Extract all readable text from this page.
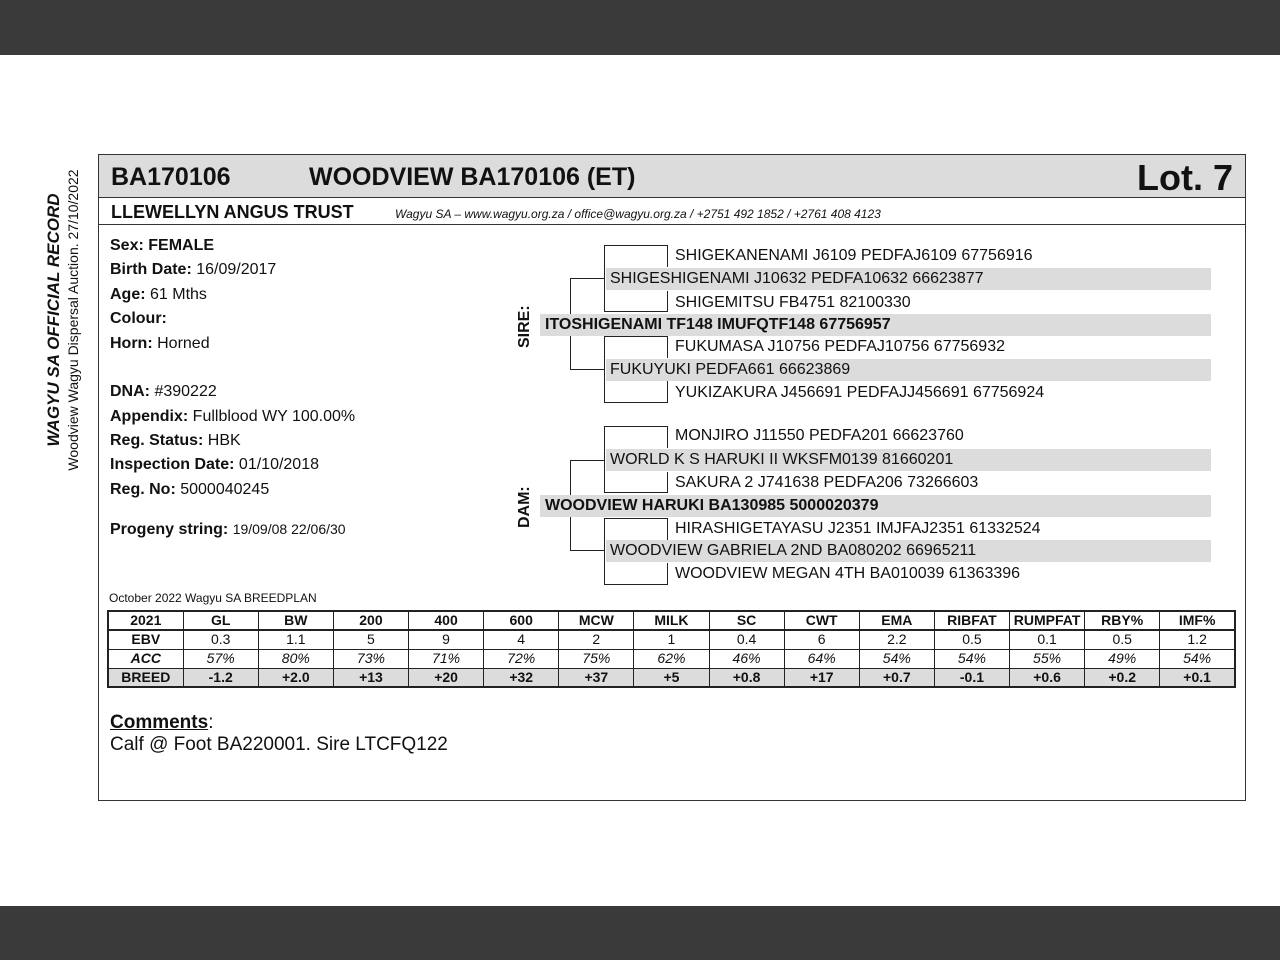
BA170106	WOODVIEW BA170106 (ET)	Lot. 7
LLEWELLYN ANGUS TRUST	Wagyu SA – www.wagyu.org.za / office@wagyu.org.za / +2751 492 1852 / +2761 408 4123
WAGYU SA OFFICIAL RECORD Woodview Wagyu Dispersal Auction. 27/10/2022 Sex: FEMALE
Birth Date: 16/09/2017
Age: 61 Mths
Colour:
Horn: Horned
DNA: #390222
Appendix: Fullblood WY 100.00%
Reg. Status: HBK
Inspection Date: 01/10/2018
Reg. No: 5000040245
Progeny string: 19/09/08 22/06/30
SIRE:
DAM:
SHIGEKANENAMI J6109 PEDFAJ6109 67756916
SHIGESHIGENAMI J10632 PEDFA10632 66623877
SHIGEMITSU FB4751 82100330
ITOSHIGENAMI TF148 IMUFQTF148 67756957
FUKUMASA J10756 PEDFAJ10756 67756932
FUKUYUKI PEDFA661 66623869
YUKIZAKURA J456691 PEDFAJJ456691 67756924
MONJIRO J11550 PEDFA201 66623760
WORLD K S HARUKI II WKSFM0139 81660201
SAKURA 2 J741638 PEDFA206 73266603
WOODVIEW HARUKI BA130985 5000020379
HIRASHIGETAYASU J2351 IMJFAJ2351 61332524
WOODVIEW GABRIELA 2ND BA080202 66965211
WOODVIEW MEGAN 4TH BA010039 61363396
October 2022 Wagyu SA BREEDPLAN
2021	GL	BW	200	400	600	MCW	MILK	SC	CWT	EMA	RIBFAT	RUMPFAT	RBY%	IMF%
EBV	0.3	1.1	5	9	4	2	1	0.4	6	2.2	0.5	0.1	0.5	1.2
ACC	57%	80%	73%	71%	72%	75%	62%	46%	64%	54%	54%	55%	49%	54%
BREED	-1.2	+2.0	+13	+20	+32	+37	+5	+0.8	+17	+0.7	-0.1	+0.6	+0.2	+0.1
Comments:
Calf @ Foot BA220001. Sire LTCFQ122
